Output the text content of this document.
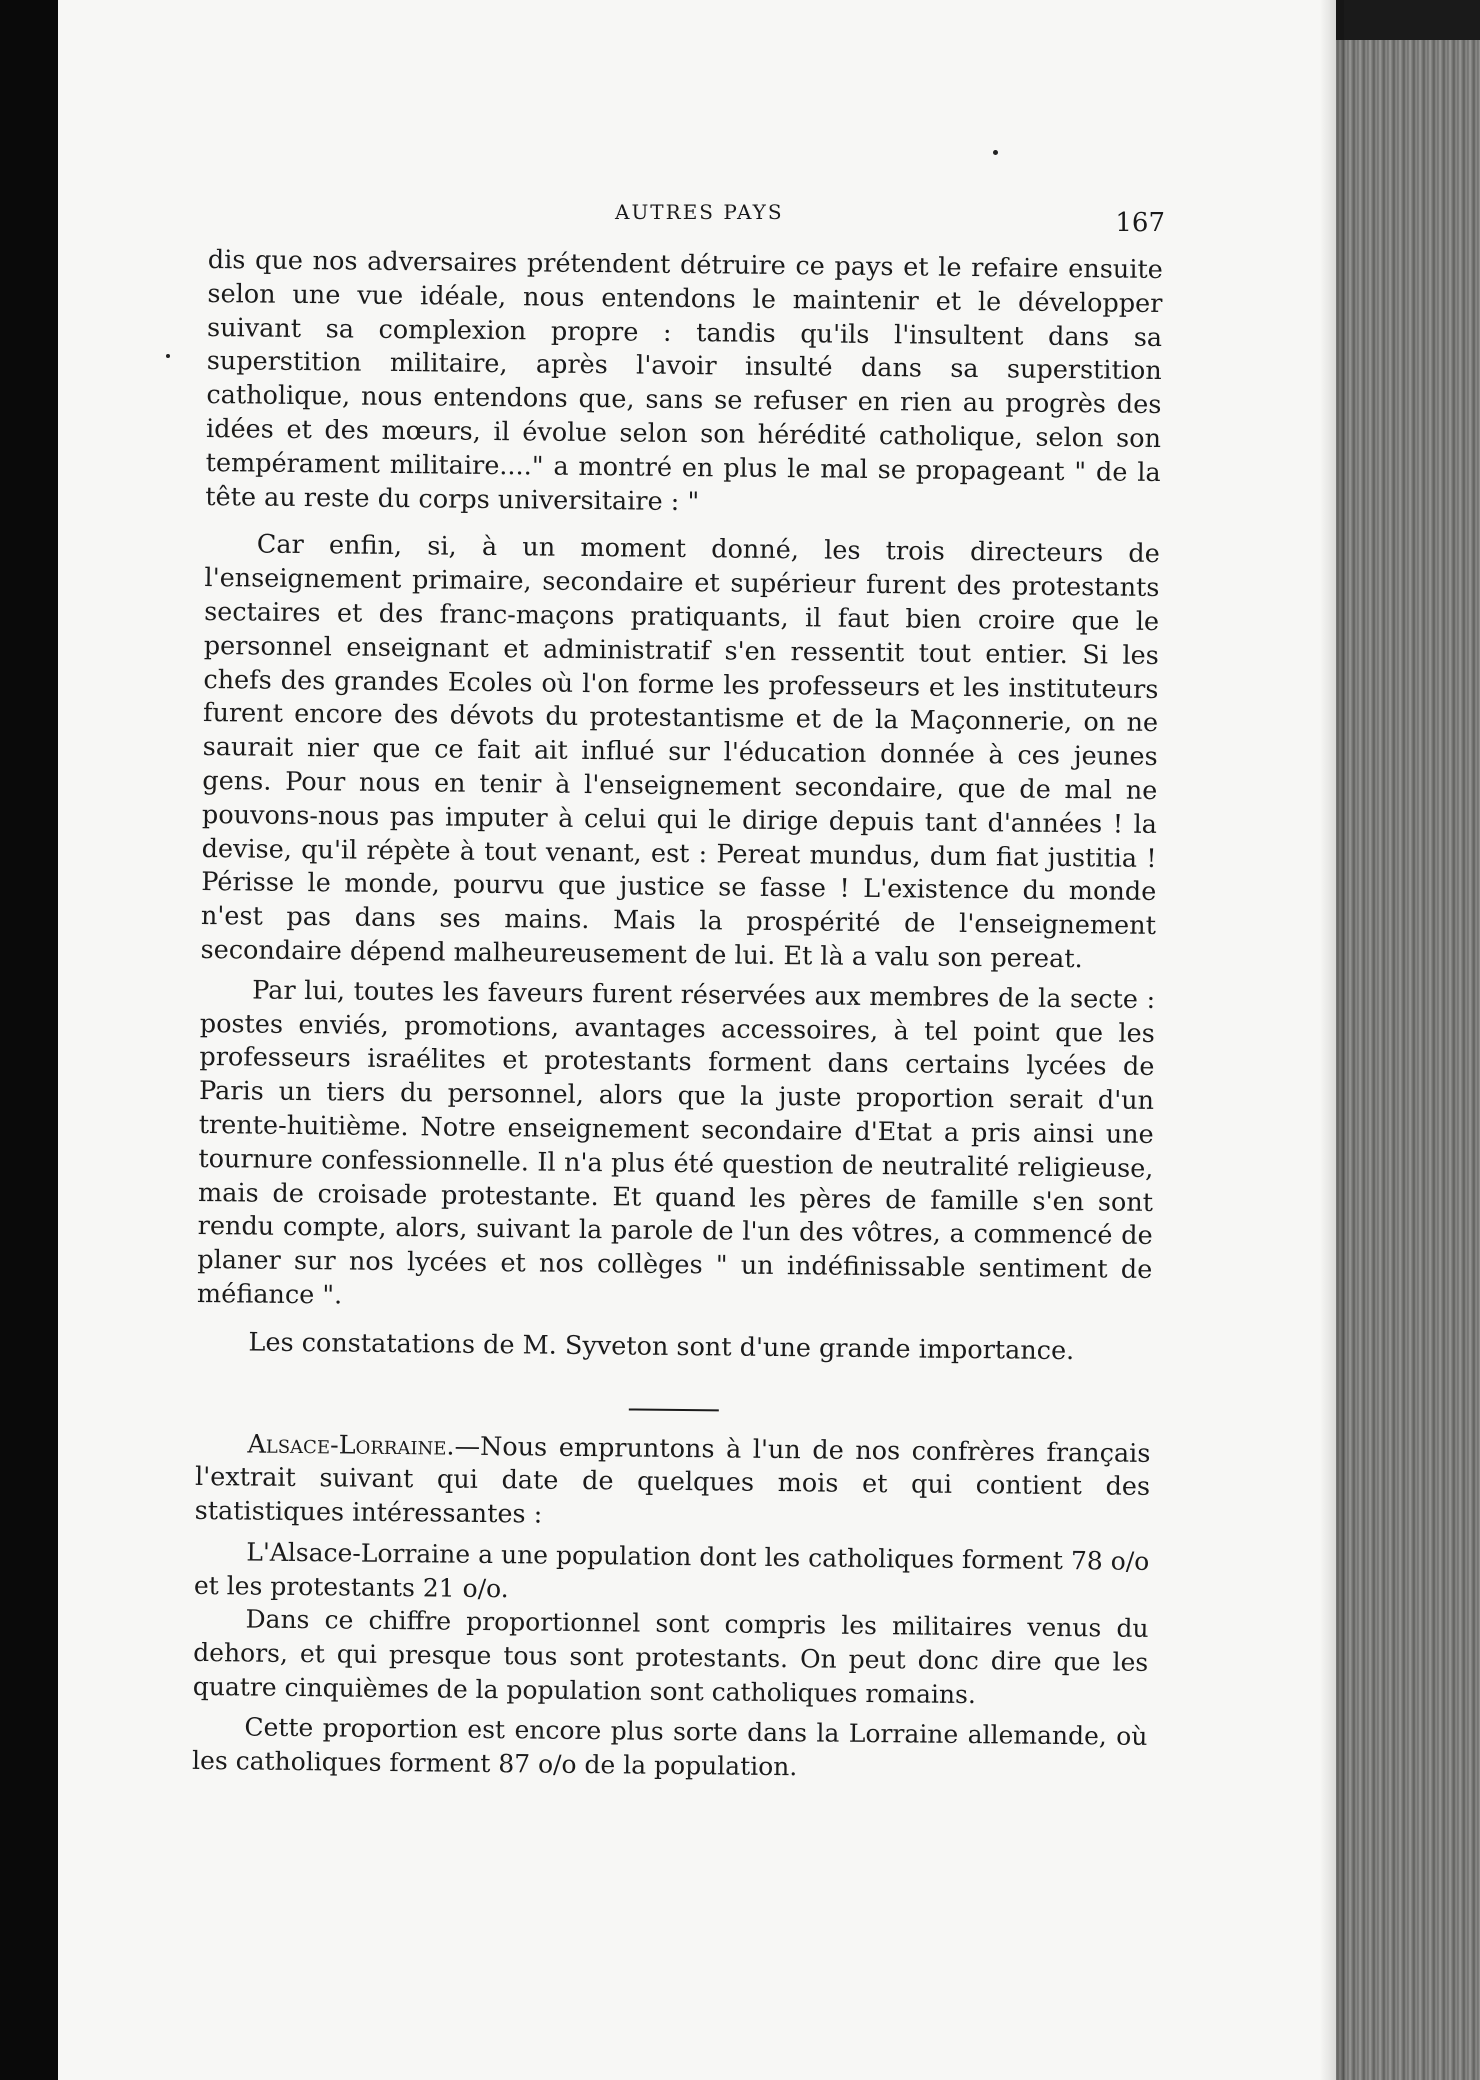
AUTRES PAYS	167

dis que nos adversaires prétendent détruire ce pays et le refaire ensuite selon une vue idéale, nous entendons le maintenir et le développer suivant sa complexion propre : tandis qu'ils l'insultent dans sa superstition militaire, après l'avoir insulté dans sa superstition catholique, nous entendons que, sans se refuser en rien au progrès des idées et des mœurs, il évolue selon son hérédité catholique, selon son tempérament militaire...." a montré en plus le mal se propageant " de la tête au reste du corps universitaire : "

Car enfin, si, à un moment donné, les trois directeurs de l'enseignement primaire, secondaire et supérieur furent des protestants sectaires et des franc-maçons pratiquants, il faut bien croire que le personnel enseignant et administratif s'en ressentit tout entier. Si les chefs des grandes Ecoles où l'on forme les professeurs et les instituteurs furent encore des dévots du protestantisme et de la Maçonnerie, on ne saurait nier que ce fait ait influé sur l'éducation donnée à ces jeunes gens. Pour nous en tenir à l'enseignement secondaire, que de mal ne pouvons-nous pas imputer à celui qui le dirige depuis tant d'années ! la devise, qu'il répète à tout venant, est : Pereat mundus, dum fiat justitia ! Périsse le monde, pourvu que justice se fasse ! L'existence du monde n'est pas dans ses mains. Mais la prospérité de l'enseignement secondaire dépend malheureusement de lui. Et là a valu son pereat.

Par lui, toutes les faveurs furent réservées aux membres de la secte : postes enviés, promotions, avantages accessoires, à tel point que les professeurs israélites et protestants forment dans certains lycées de Paris un tiers du personnel, alors que la juste proportion serait d'un trente-huitième. Notre enseignement secondaire d'Etat a pris ainsi une tournure confessionnelle. Il n'a plus été question de neutralité religieuse, mais de croisade protestante. Et quand les pères de famille s'en sont rendu compte, alors, suivant la parole de l'un des vôtres, a commencé de planer sur nos lycées et nos collèges " un indéfinissable sentiment de méfiance ".

Les constatations de M. Syveton sont d'une grande importance.

Alsace-Lorraine.—Nous empruntons à l'un de nos confrères français l'extrait suivant qui date de quelques mois et qui contient des statistiques intéressantes :

L'Alsace-Lorraine a une population dont les catholiques forment 78 o/o et les protestants 21 o/o.

Dans ce chiffre proportionnel sont compris les militaires venus du dehors, et qui presque tous sont protestants. On peut donc dire que les quatre cinquièmes de la population sont catholiques romains.

Cette proportion est encore plus sorte dans la Lorraine allemande, où les catholiques forment 87 o/o de la population.
